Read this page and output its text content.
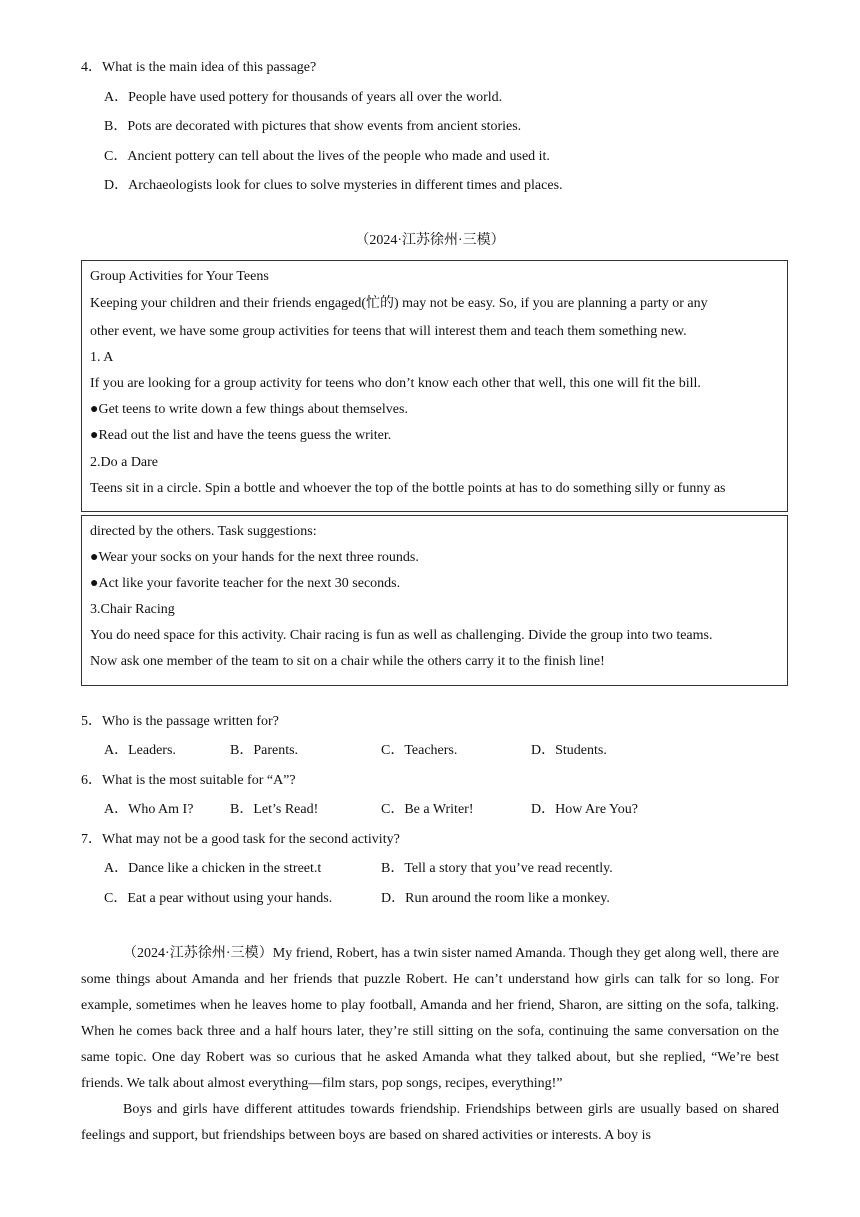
4．What is the main idea of this passage?
A．People have used pottery for thousands of years all over the world.
B．Pots are decorated with pictures that show events from ancient stories.
C．Ancient pottery can tell about the lives of the people who made and used it.
D．Archaeologists look for clues to solve mysteries in different times and places.
（2024·江苏徐州·三模）
Group Activities for Your Teens
Keeping your children and their friends engaged(忙的) may not be easy. So, if you are planning a party or any
other event, we have some group activities for teens that will interest them and teach them something new.
1. A
If you are looking for a group activity for teens who don’t know each other that well, this one will fit the bill.
●Get teens to write down a few things about themselves.
●Read out the list and have the teens guess the writer.
2.Do a Dare
Teens sit in a circle. Spin a bottle and whoever the top of the bottle points at has to do something silly or funny as
directed by the others. Task suggestions:
●Wear your socks on your hands for the next three rounds.
●Act like your favorite teacher for the next 30 seconds.
3.Chair Racing
You do need space for this activity. Chair racing is fun as well as challenging. Divide the group into two teams.
Now ask one member of the team to sit on a chair while the others carry it to the finish line!
5．Who is the passage written for?
A．Leaders.	B．Parents.	C．Teachers.	D．Students.
6．What is the most suitable for “A”?
A．Who Am I?	B．Let’s Read!	C．Be a Writer!	D．How Are You?
7．What may not be a good task for the second activity?
A．Dance like a chicken in the street.t	B．Tell a story that you’ve read recently.
C．Eat a pear without using your hands.	D．Run around the room like a monkey.

（2024·江苏徐州·三模）My friend, Robert, has a twin sister named Amanda. Though they get along well, there are some things about Amanda and her friends that puzzle Robert. He can’t understand how girls can talk for so long. For example, sometimes when he leaves home to play football, Amanda and her friend, Sharon, are sitting on the sofa, talking. When he comes back three and a half hours later, they’re still sitting on the sofa, continuing the same conversation on the same topic. One day Robert was so curious that he asked Amanda what they talked about, but she replied, “We’re best friends. We talk about almost everything—film stars, pop songs, recipes, everything!”

Boys and girls have different attitudes towards friendship. Friendships between girls are usually based on shared feelings and support, but friendships between boys are based on shared activities or interests. A boy is
